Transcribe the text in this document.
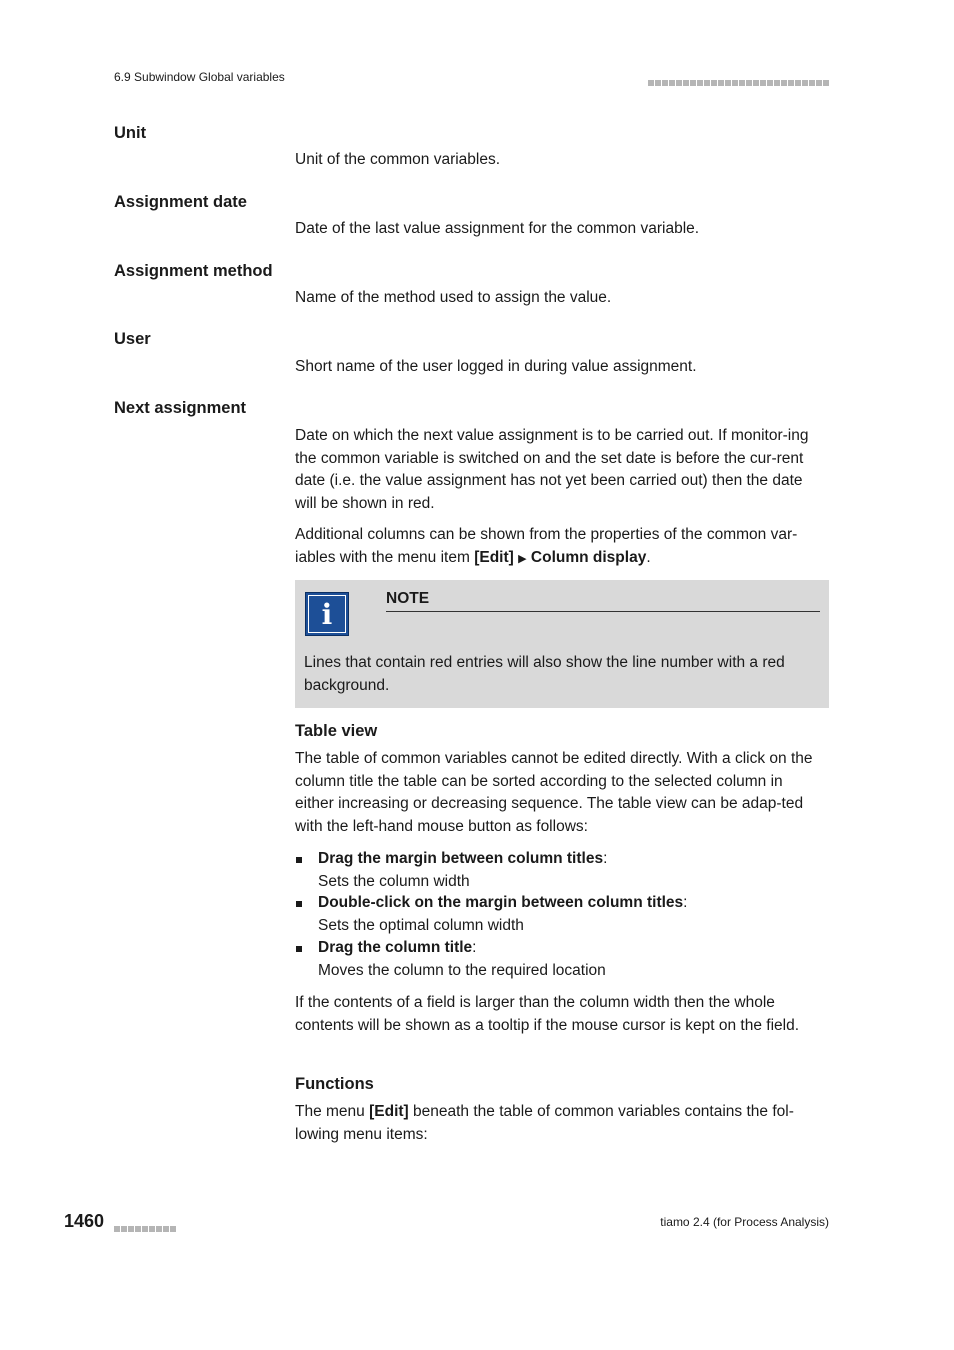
6.9 Subwindow Global variables
Unit
Unit of the common variables.
Assignment date
Date of the last value assignment for the common variable.
Assignment method
Name of the method used to assign the value.
User
Short name of the user logged in during value assignment.
Next assignment
Date on which the next value assignment is to be carried out. If monitor-ing the common variable is switched on and the set date is before the cur-rent date (i.e. the value assignment has not yet been carried out) then the date will be shown in red.
Additional columns can be shown from the properties of the common var-iables with the menu item [Edit] ▶ Column display.
i	NOTE
Lines that contain red entries will also show the line number with a red background.
Table view
The table of common variables cannot be edited directly. With a click on the column title the table can be sorted according to the selected column in either increasing or decreasing sequence. The table view can be adap-ted with the left-hand mouse button as follows:
Drag the margin between column titles:
Sets the column width
Double-click on the margin between column titles:
Sets the optimal column width
Drag the column title:
Moves the column to the required location
If the contents of a field is larger than the column width then the whole contents will be shown as a tooltip if the mouse cursor is kept on the field.
Functions
The menu [Edit] beneath the table of common variables contains the fol-lowing menu items:
1460	tiamo 2.4 (for Process Analysis)
